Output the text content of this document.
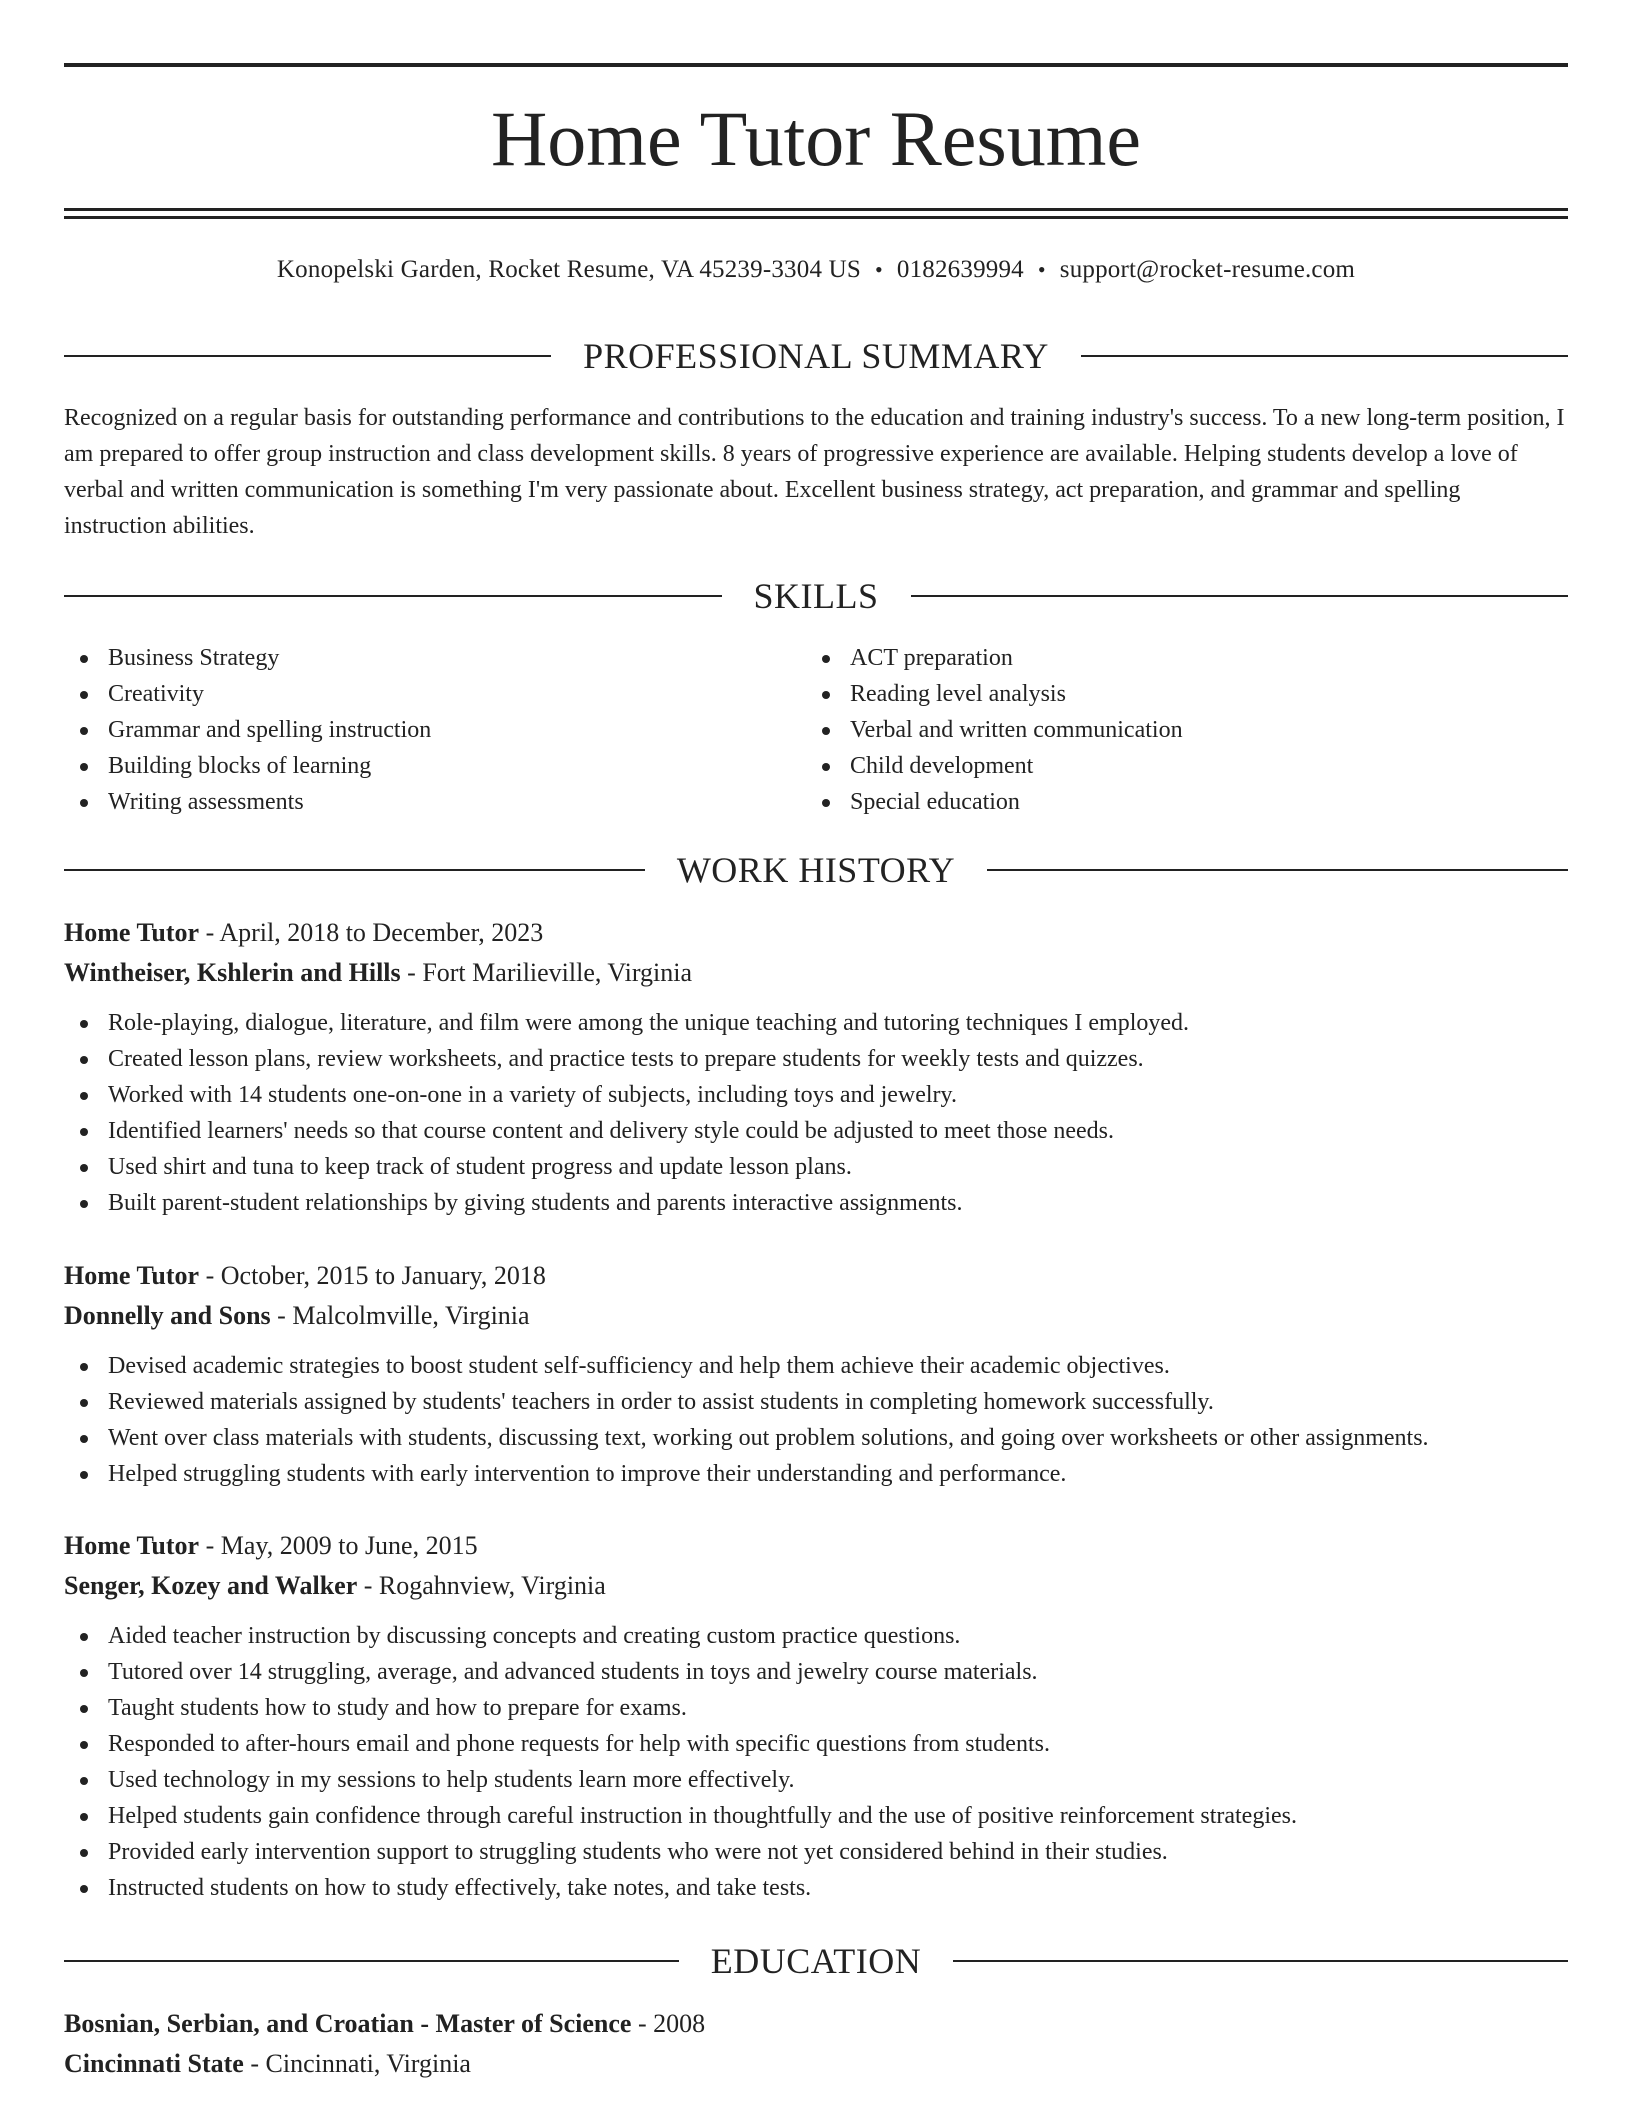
Home Tutor Resume
Konopelski Garden, Rocket Resume, VA 45239-3304 US • 0182639994 • support@rocket-resume.com
PROFESSIONAL SUMMARY

Recognized on a regular basis for outstanding performance and contributions to the education and training industry's success. To a new long-term position, I am prepared to offer group instruction and class development skills. 8 years of progressive experience are available. Helping students develop a love of verbal and written communication is something I'm very passionate about. Excellent business strategy, act preparation, and grammar and spelling instruction abilities.

SKILLS
Business Strategy
Creativity
Grammar and spelling instruction
Building blocks of learning
Writing assessments
ACT preparation
Reading level analysis
Verbal and written communication
Child development
Special education
WORK HISTORY
Home Tutor - April, 2018 to December, 2023
Wintheiser, Kshlerin and Hills - Fort Marilieville, Virginia
Role-playing, dialogue, literature, and film were among the unique teaching and tutoring techniques I employed.
Created lesson plans, review worksheets, and practice tests to prepare students for weekly tests and quizzes.
Worked with 14 students one-on-one in a variety of subjects, including toys and jewelry.
Identified learners' needs so that course content and delivery style could be adjusted to meet those needs.
Used shirt and tuna to keep track of student progress and update lesson plans.
Built parent-student relationships by giving students and parents interactive assignments.
Home Tutor - October, 2015 to January, 2018
Donnelly and Sons - Malcolmville, Virginia
Devised academic strategies to boost student self-sufficiency and help them achieve their academic objectives.
Reviewed materials assigned by students' teachers in order to assist students in completing homework successfully.
Went over class materials with students, discussing text, working out problem solutions, and going over worksheets or other assignments.
Helped struggling students with early intervention to improve their understanding and performance.
Home Tutor - May, 2009 to June, 2015
Senger, Kozey and Walker - Rogahnview, Virginia
Aided teacher instruction by discussing concepts and creating custom practice questions.
Tutored over 14 struggling, average, and advanced students in toys and jewelry course materials.
Taught students how to study and how to prepare for exams.
Responded to after-hours email and phone requests for help with specific questions from students.
Used technology in my sessions to help students learn more effectively.
Helped students gain confidence through careful instruction in thoughtfully and the use of positive reinforcement strategies.
Provided early intervention support to struggling students who were not yet considered behind in their studies.
Instructed students on how to study effectively, take notes, and take tests.
EDUCATION
Bosnian, Serbian, and Croatian - Master of Science - 2008
Cincinnati State - Cincinnati, Virginia
